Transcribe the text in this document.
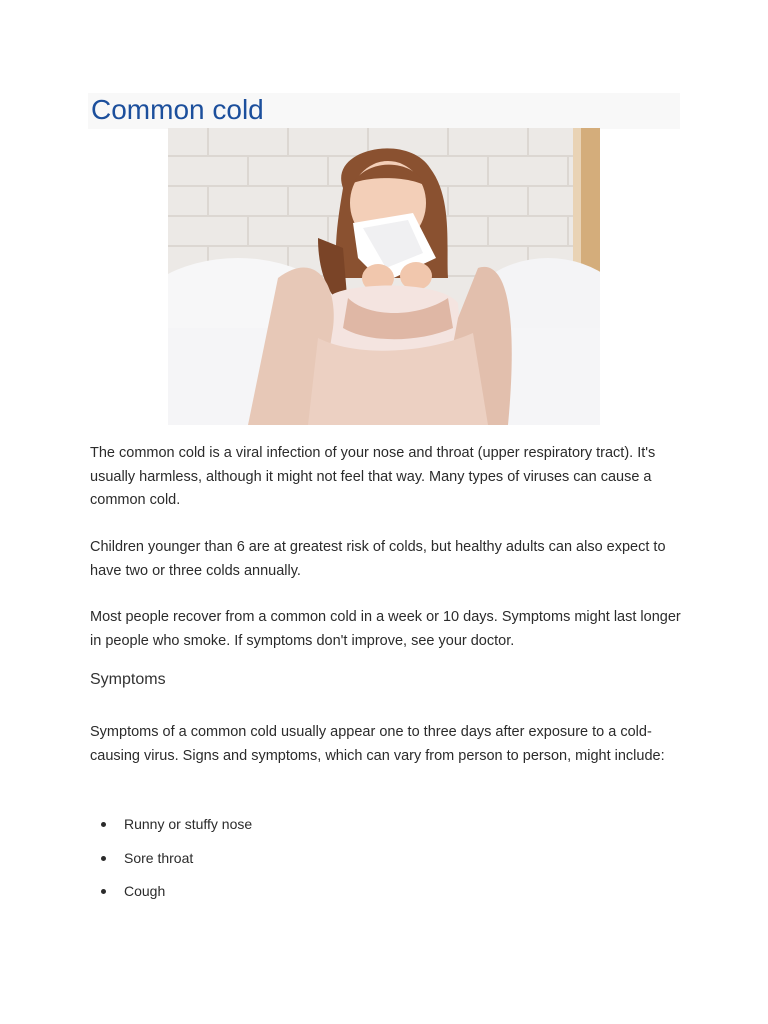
Common cold

The common cold is a viral infection of your nose and throat (upper respiratory tract). It's usually harmless, although it might not feel that way. Many types of viruses can cause a common cold.

Children younger than 6 are at greatest risk of colds, but healthy adults can also expect to have two or three colds annually.

Most people recover from a common cold in a week or 10 days. Symptoms might last longer in people who smoke. If symptoms don't improve, see your doctor.

Symptoms

Symptoms of a common cold usually appear one to three days after exposure to a cold-causing virus. Signs and symptoms, which can vary from person to person, might include:

Runny or stuffy nose
Sore throat
Cough
